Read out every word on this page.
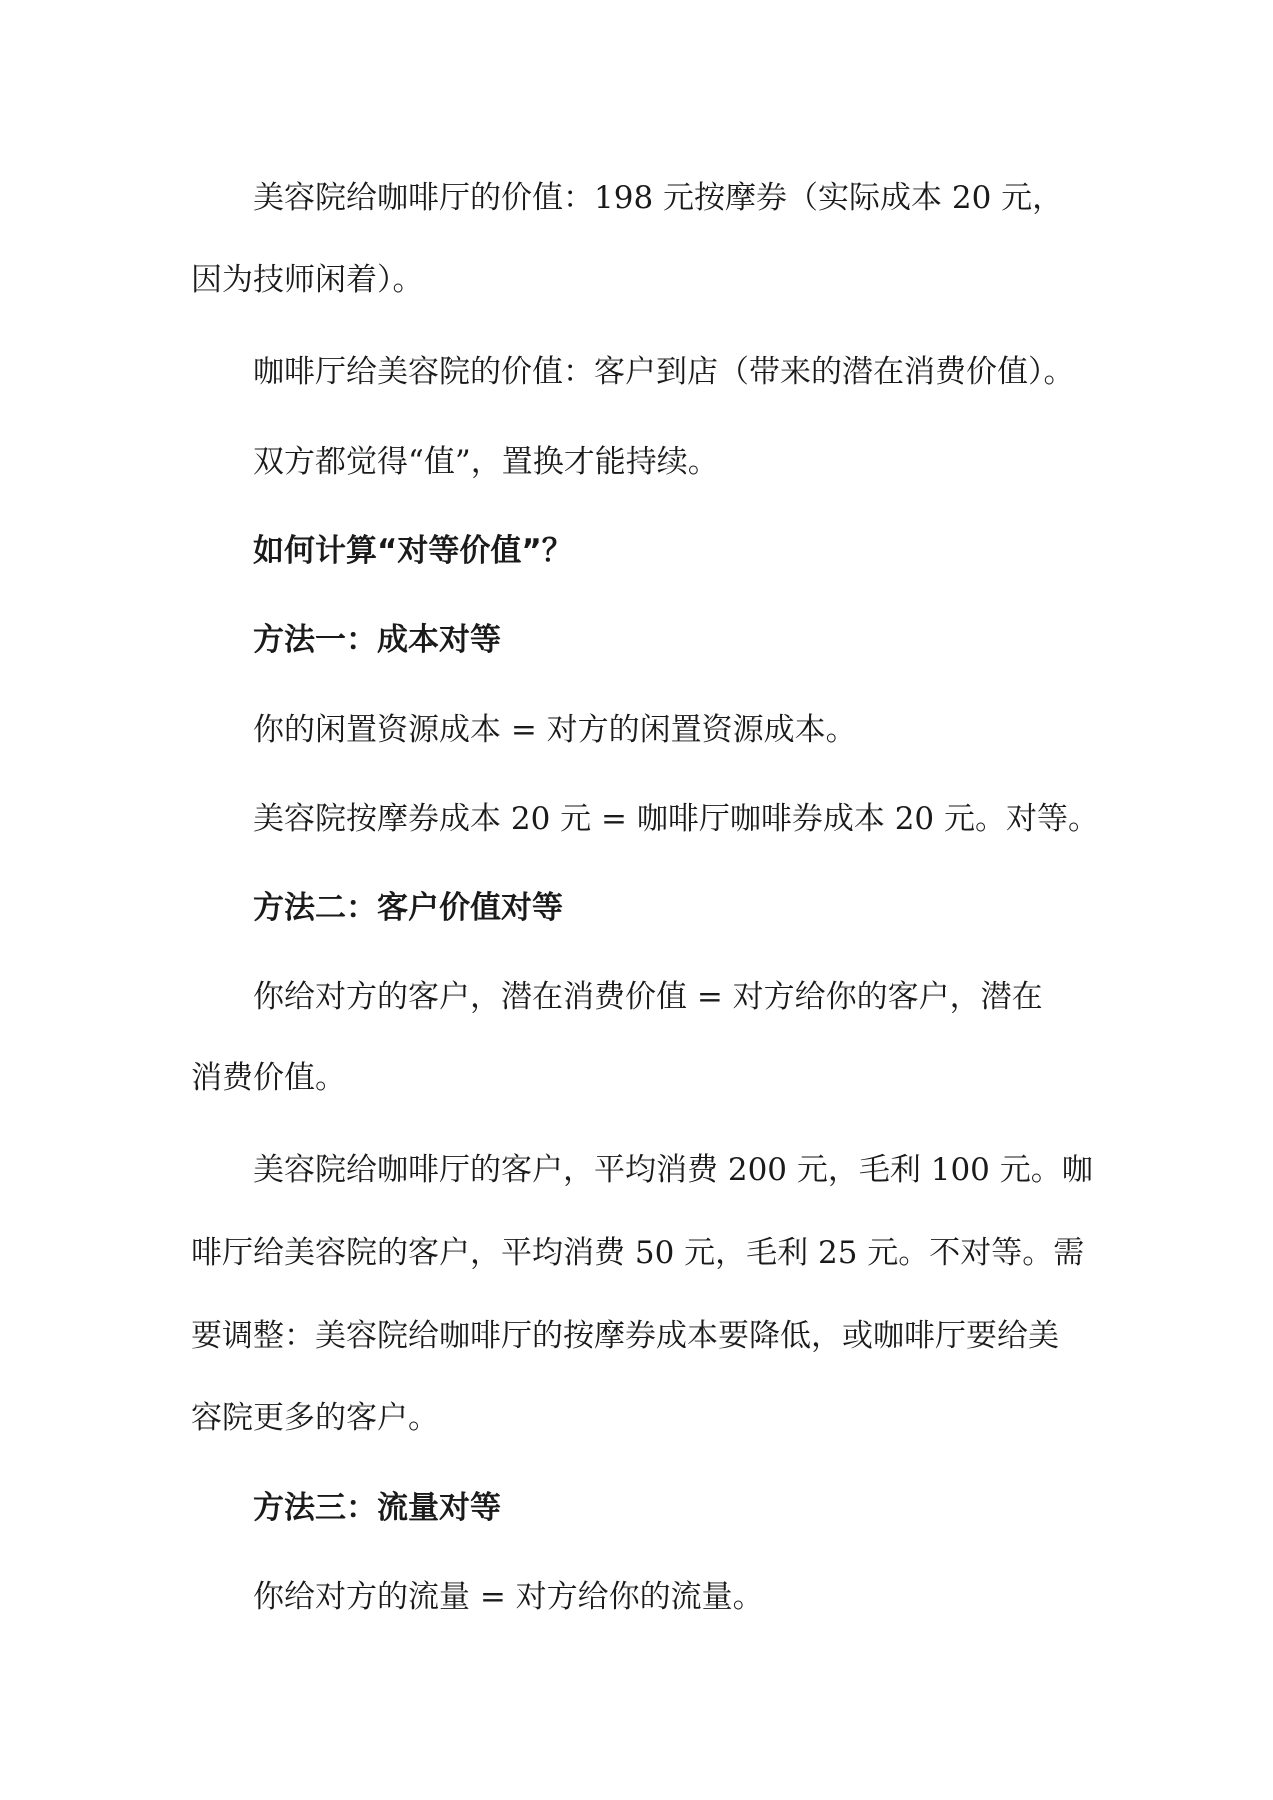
美容院给咖啡厅的价值：198 元按摩券（实际成本 20 元，

因为技师闲着）。

咖啡厅给美容院的价值：客户到店（带来的潜在消费价值）。

双方都觉得“值”，置换才能持续。

如何计算“对等价值”？

方法一：成本对等

你的闲置资源成本 = 对方的闲置资源成本。

美容院按摩券成本 20 元 = 咖啡厅咖啡券成本 20 元。对等。

方法二：客户价值对等

你给对方的客户，潜在消费价值 = 对方给你的客户，潜在

消费价值。

美容院给咖啡厅的客户，平均消费 200 元，毛利 100 元。咖

啡厅给美容院的客户，平均消费 50 元，毛利 25 元。不对等。需

要调整：美容院给咖啡厅的按摩券成本要降低，或咖啡厅要给美

容院更多的客户。

方法三：流量对等

你给对方的流量 = 对方给你的流量。
